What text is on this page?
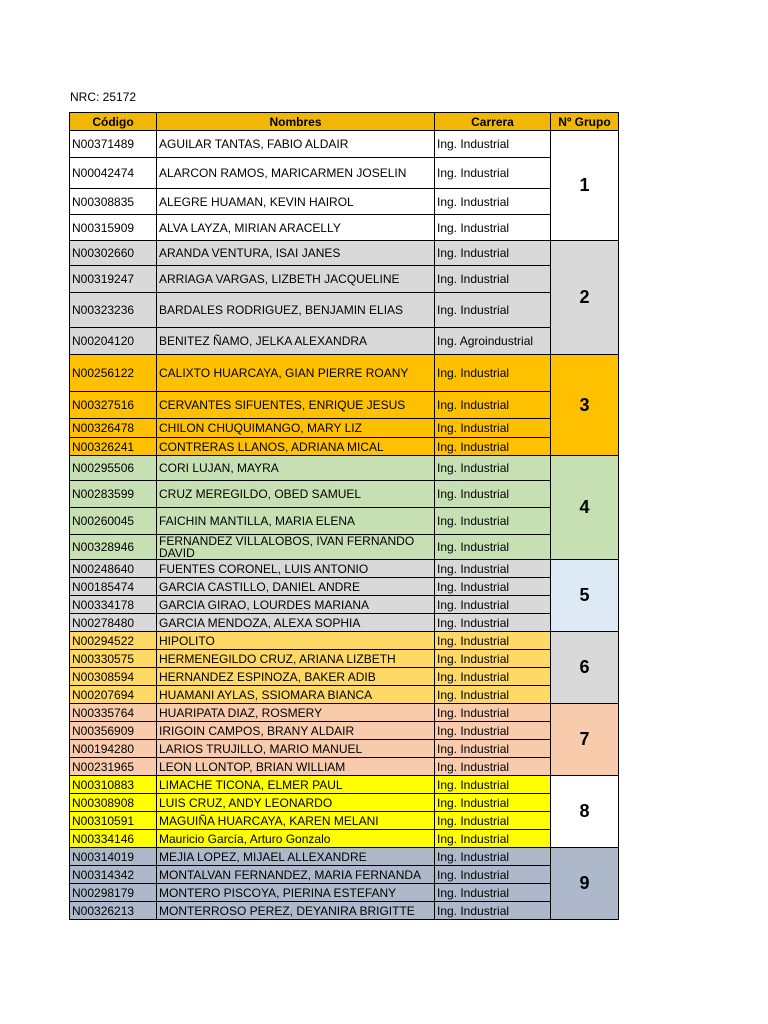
NRC: 25172
Código	Nombres	Carrera	Nº Grupo
N00371489	AGUILAR TANTAS, FABIO ALDAIR	Ing. Industrial	1
N00042474	ALARCON RAMOS, MARICARMEN JOSELIN	Ing. Industrial	
N00308835	ALEGRE HUAMAN, KEVIN HAIROL	Ing. Industrial	
N00315909	ALVA LAYZA, MIRIAN ARACELLY	Ing. Industrial	
N00302660	ARANDA VENTURA, ISAI JANES	Ing. Industrial	2
N00319247	ARRIAGA VARGAS, LIZBETH JACQUELINE	Ing. Industrial	
N00323236	BARDALES RODRIGUEZ, BENJAMIN ELIAS	Ing. Industrial	
N00204120	BENITEZ ÑAMO, JELKA ALEXANDRA	Ing. Agroindustrial	
N00256122	CALIXTO HUARCAYA, GIAN PIERRE ROANY	Ing. Industrial	3
N00327516	CERVANTES SIFUENTES, ENRIQUE JESUS	Ing. Industrial	
N00326478	CHILON CHUQUIMANGO, MARY LIZ	Ing. Industrial	
N00326241	CONTRERAS LLANOS, ADRIANA MICAL	Ing. Industrial	
N00295506	CORI LUJAN, MAYRA	Ing. Industrial	4
N00283599	CRUZ MEREGILDO, OBED SAMUEL	Ing. Industrial	
N00260045	FAICHIN MANTILLA, MARIA ELENA	Ing. Industrial	
N00328946	FERNANDEZ VILLALOBOS, IVAN FERNANDO DAVID	Ing. Industrial	
N00248640	FUENTES CORONEL, LUIS ANTONIO	Ing. Industrial	5
N00185474	GARCIA CASTILLO, DANIEL ANDRE	Ing. Industrial	
N00334178	GARCIA GIRAO, LOURDES MARIANA	Ing. Industrial	
N00278480	GARCIA MENDOZA, ALEXA SOPHIA	Ing. Industrial	
N00294522	HIPOLITO	Ing. Industrial	6
N00330575	HERMENEGILDO CRUZ, ARIANA LIZBETH	Ing. Industrial	
N00308594	HERNANDEZ ESPINOZA, BAKER ADIB	Ing. Industrial	
N00207694	HUAMANI AYLAS, SSIOMARA BIANCA	Ing. Industrial	
N00335764	HUARIPATA DIAZ, ROSMERY	Ing. Industrial	7
N00356909	IRIGOIN CAMPOS, BRANY ALDAIR	Ing. Industrial	
N00194280	LARIOS TRUJILLO, MARIO MANUEL	Ing. Industrial	
N00231965	LEON LLONTOP, BRIAN WILLIAM	Ing. Industrial	
N00310883	LIMACHE TICONA, ELMER PAUL	Ing. Industrial	8
N00308908	LUIS CRUZ, ANDY LEONARDO	Ing. Industrial	
N00310591	MAGUIÑA HUARCAYA, KAREN MELANI	Ing. Industrial	
N00334146	Mauricio García, Arturo Gonzalo	Ing. Industrial	
N00314019	MEJIA LOPEZ, MIJAEL ALLEXANDRE	Ing. Industrial	9
N00314342	MONTALVAN FERNANDEZ, MARIA FERNANDA	Ing. Industrial	
N00298179	MONTERO PISCOYA, PIERINA ESTEFANY	Ing. Industrial	
N00326213	MONTERROSO PEREZ, DEYANIRA BRIGITTE	Ing. Industrial	
